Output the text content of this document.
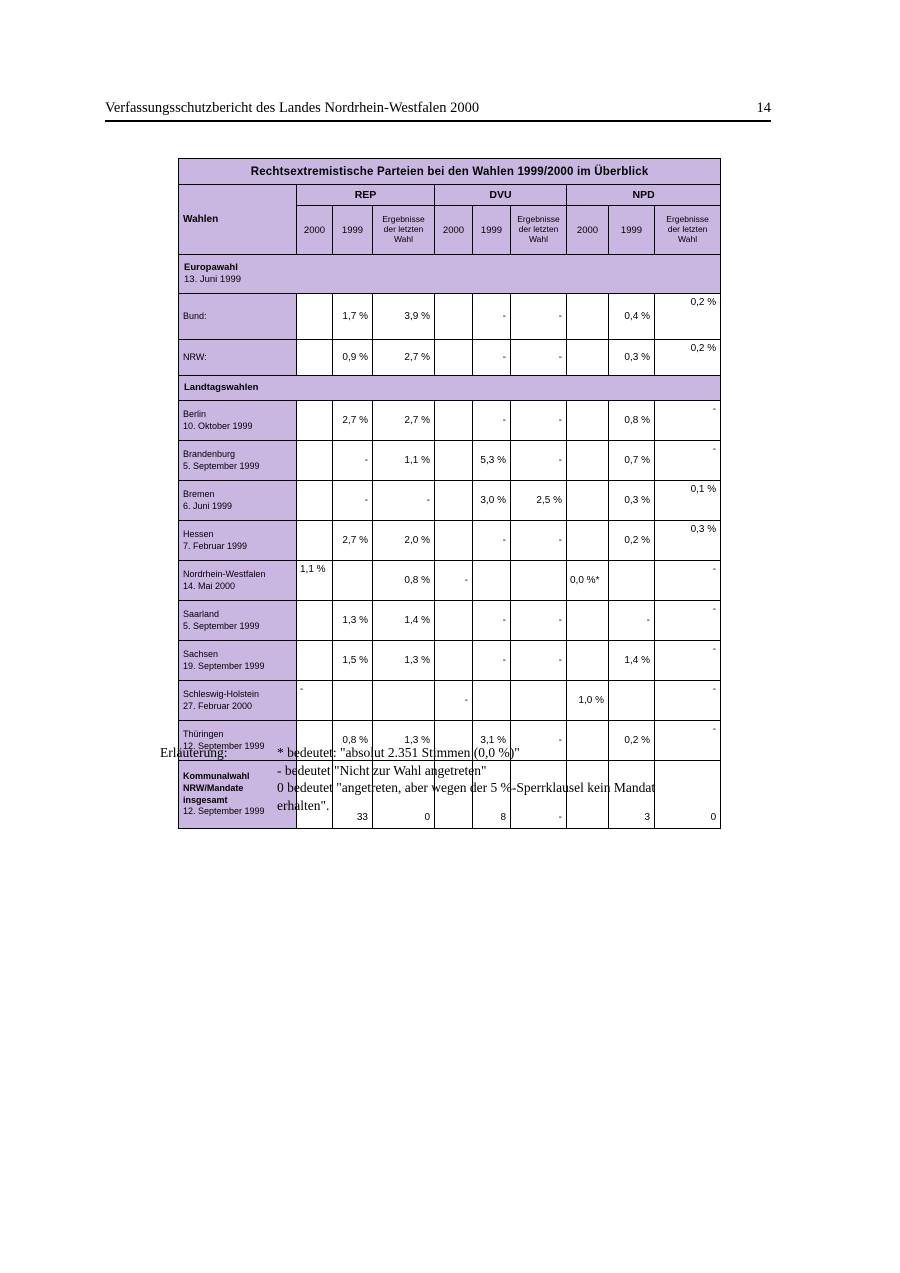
Verfassungsschutzbericht des Landes Nordrhein-Westfalen 2000	14
Rechtsextremistische Parteien bei den Wahlen 1999/2000 im Überblick									
Wahlen	REP			DVU			NPD		
2000	1999	
Ergebnisse
der letzten
Wahl
	2000	1999	
Ergebnisse
der letzten
Wahl
	2000	1999	
Ergebnisse
der letzten
Wahl

Europawahl
13. Juni 1999									

Bund:		1,7 %	3,9 %		-	-		0,4 %	0,2 %

NRW:		0,9 %	2,7 %		-	-		0,3 %	0,2 %

Landtagswahlen									

Berlin
10. Oktober 1999		2,7 %	2,7 %		-	-		0,8 %	-

Brandenburg
5. September 1999		-	1,1 %		5,3 %	-		0,7 %	-

Bremen
6. Juni 1999		-	-		3,0 %	2,5 %		0,3 %	0,1 %

Hessen
7. Februar 1999		2,7 %	2,0 %		-	-		0,2 %	0,3 %

Nordrhein-Westfalen
14. Mai 2000	1,1 %		0,8 %	-			0,0 %*		-

Saarland
5. September 1999		1,3 %	1,4 %		-	-		-	-

Sachsen
19. September 1999		1,5 %	1,3 %		-	-		1,4 %	-

Schleswig-Holstein
27. Februar 2000	-			-			1,0 %		-

Thüringen
12. September 1999		0,8 %	1,3 %		3,1 %	-		0,2 %	-

Kommunalwahl
NRW/Mandate
insgesamt
12. September 1999		33	0		8	-		3	0
Erläuterung:	* bedeutet: "absolut 2.351 Stimmen (0,0 %)"
- bedeutet "Nicht zur Wahl angetreten"
0 bedeutet "angetreten, aber wegen der 5 %-Sperrklausel kein Mandat
erhalten".
